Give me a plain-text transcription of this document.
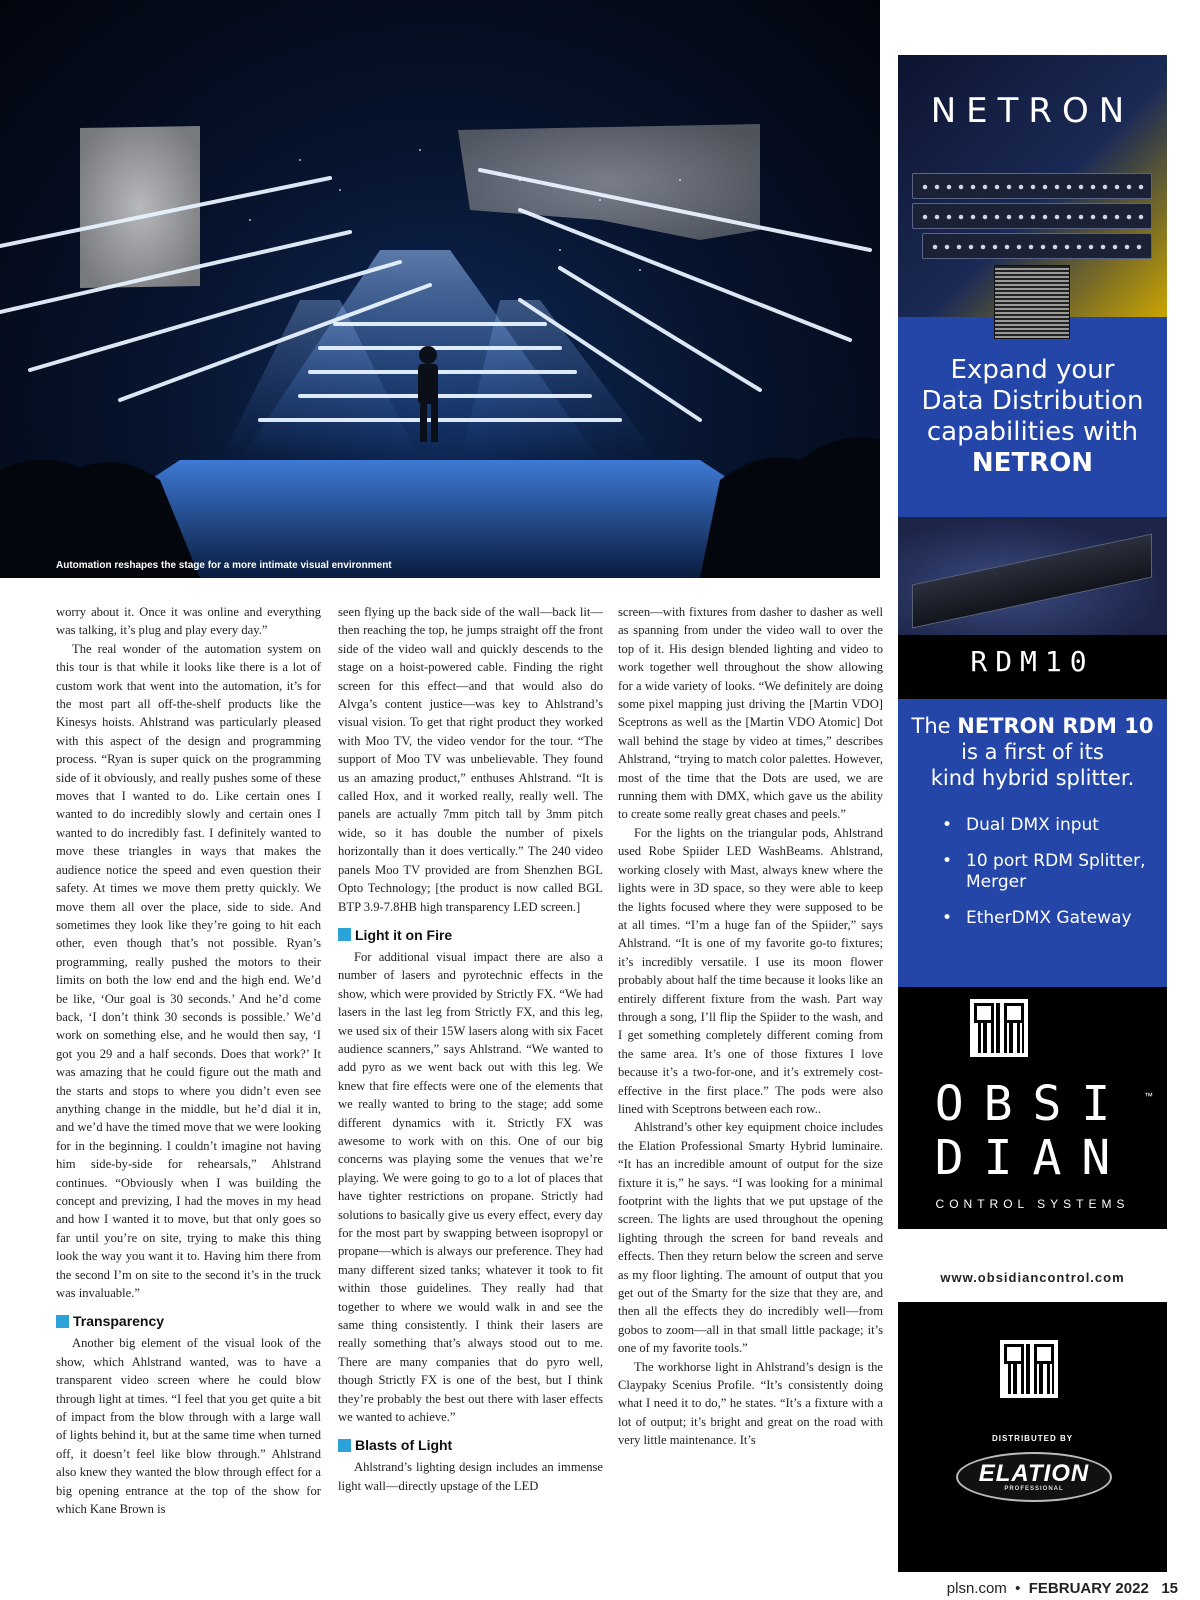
Automation reshapes the stage for a more intimate visual environment

worry about it. Once it was online and everything was talking, it’s plug and play every day.”

The real wonder of the automation system on this tour is that while it looks like there is a lot of custom work that went into the automation, it’s for the most part all off-the-shelf products like the Kinesys hoists. Ahlstrand was particularly pleased with this aspect of the design and programming process. “Ryan is super quick on the programming side of it obviously, and really pushes some of these moves that I wanted to do. Like certain ones I wanted to do incredibly slowly and certain ones I wanted to do incredibly fast. I definitely wanted to move these triangles in ways that makes the audience notice the speed and even question their safety. At times we move them pretty quickly. We move them all over the place, side to side. And sometimes they look like they’re going to hit each other, even though that’s not possible. Ryan’s programming, really pushed the motors to their limits on both the low end and the high end. We’d be like, ‘Our goal is 30 seconds.’ And he’d come back, ‘I don’t think 30 seconds is possible.’ We’d work on something else, and he would then say, ‘I got you 29 and a half seconds. Does that work?’ It was amazing that he could figure out the math and the starts and stops to where you didn’t even see anything change in the middle, but he’d dial it in, and we’d have the timed move that we were looking for in the beginning. I couldn’t imagine not having him side-by-side for rehearsals,” Ahlstrand continues. “Obviously when I was building the concept and previzing, I had the moves in my head and how I wanted it to move, but that only goes so far until you’re on site, trying to make this thing look the way you want it to. Having him there from the second I’m on site to the second it’s in the truck was invaluable.”

Transparency

Another big element of the visual look of the show, which Ahlstrand wanted, was to have a transparent video screen where he could blow through light at times. “I feel that you get quite a bit of impact from the blow through with a large wall of lights behind it, but at the same time when turned off, it doesn’t feel like blow through.” Ahlstrand also knew they wanted the blow through effect for a big opening entrance at the top of the show for which Kane Brown is

seen flying up the back side of the wall—back lit—then reaching the top, he jumps straight off the front side of the video wall and quickly descends to the stage on a hoist-powered cable. Finding the right screen for this effect—and that would also do Alvga’s content justice—was key to Ahlstrand’s visual vision. To get that right product they worked with Moo TV, the video vendor for the tour. “The support of Moo TV was unbelievable. They found us an amazing product,” enthuses Ahlstrand. “It is called Hox, and it worked really, really well. The panels are actually 7mm pitch tall by 3mm pitch wide, so it has double the number of pixels horizontally than it does vertically.” The 240 video panels Moo TV provided are from Shenzhen BGL Opto Technology; [the product is now called BGL BTP 3.9-7.8HB high transparency LED screen.]

Light it on Fire

For additional visual impact there are also a number of lasers and pyrotechnic effects in the show, which were provided by Strictly FX. “We had lasers in the last leg from Strictly FX, and this leg, we used six of their 15W lasers along with six Facet audience scanners,” says Ahlstrand. “We wanted to add pyro as we went back out with this leg. We knew that fire effects were one of the elements that we really wanted to bring to the stage; add some different dynamics with it. Strictly FX was awesome to work with on this. One of our big concerns was playing some the venues that we’re playing. We were going to go to a lot of places that have tighter restrictions on propane. Strictly had solutions to basically give us every effect, every day for the most part by swapping between isopropyl or propane—which is always our preference. They had many different sized tanks; whatever it took to fit within those guidelines. They really had that together to where we would walk in and see the same thing consistently. I think their lasers are really something that’s always stood out to me. There are many companies that do pyro well, though Strictly FX is one of the best, but I think they’re probably the best out there with laser effects we wanted to achieve.”

Blasts of Light

Ahlstrand’s lighting design includes an immense light wall—directly upstage of the LED

screen—with fixtures from dasher to dasher as well as spanning from under the video wall to over the top of it. His design blended lighting and video to work together well throughout the show allowing for a wide variety of looks. “We definitely are doing some pixel mapping just driving the [Martin VDO] Sceptrons as well as the [Martin VDO Atomic] Dot wall behind the stage by video at times,” describes Ahlstrand, “trying to match color palettes. However, most of the time that the Dots are used, we are running them with DMX, which gave us the ability to create some really great chases and peels.”

For the lights on the triangular pods, Ahlstrand used Robe Spiider LED WashBeams. Ahlstrand, working closely with Mast, always knew where the lights were in 3D space, so they were able to keep the lights focused where they were supposed to be at all times. “I’m a huge fan of the Spiider,” says Ahlstrand. “It is one of my favorite go-to fixtures; it’s incredibly versatile. I use its moon flower probably about half the time because it looks like an entirely different fixture from the wash. Part way through a song, I’ll flip the Spiider to the wash, and I get something completely different coming from the same area. It’s one of those fixtures I love because it’s a two-for-one, and it’s extremely cost-effective in the first place.” The pods were also lined with Sceptrons between each row..

Ahlstrand’s other key equipment choice includes the Elation Professional Smarty Hybrid luminaire. “It has an incredible amount of output for the size fixture it is,” he says. “I was looking for a minimal footprint with the lights that we put upstage of the screen. The lights are used throughout the opening lighting through the screen for band reveals and effects. Then they return below the screen and serve as my floor lighting. The amount of output that you get out of the Smarty for the size that they are, and then all the effects they do incredibly well—from gobos to zoom—all in that small little package; it’s one of my favorite tools.”

The workhorse light in Ahlstrand’s design is the Claypaky Scenius Profile. “It’s consistently doing what I need it to do,” he states. “It’s a fixture with a lot of output; it’s bright and great on the road with very little maintenance. It’s

NETRON
Expand your
Data Distribution
capabilities with
NETRON
RDM10
The NETRON RDM 10
is a first of its
kind hybrid splitter.
• Dual DMX input
• 10 port RDM Splitter, Merger
• EtherDMX Gateway
OBSI
DIAN
™
CONTROL SYSTEMS
www.obsidiancontrol.com
DISTRIBUTED BY
ELATION
PROFESSIONAL
plsn.com • FEBRUARY 2022 15
